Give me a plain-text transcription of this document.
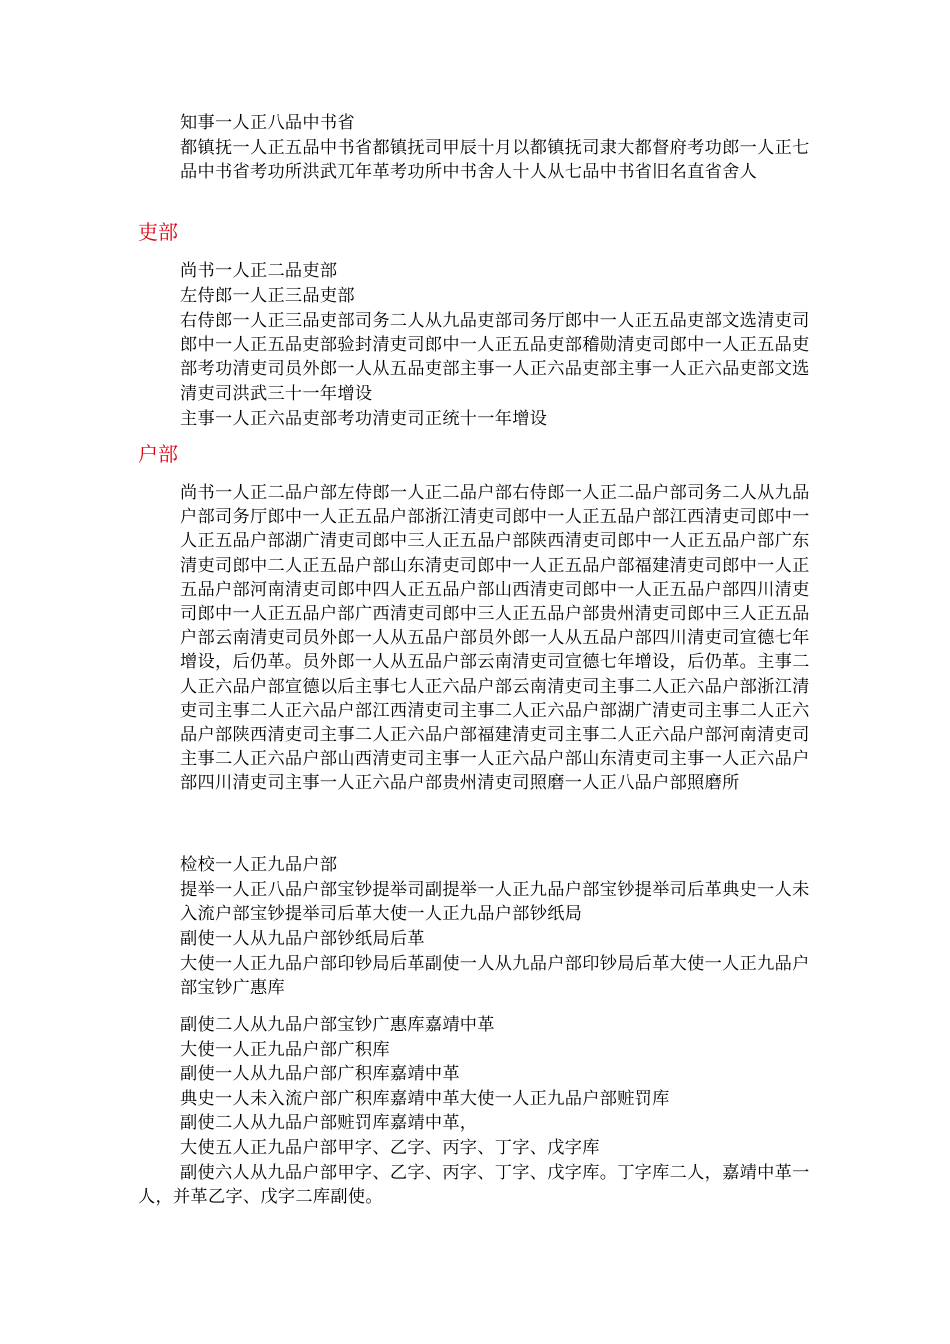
知事一人正八品中书省
都镇抚一人正五品中书省都镇抚司甲辰十月以都镇抚司隶大都督府考功郎一人正七品中书省考功所洪武兀年革考功所中书舍人十人从七品中书省旧名直省舍人
吏部
尚书一人正二品吏部
左侍郎一人正三品吏部
右侍郎一人正三品吏部司务二人从九品吏部司务厅郎中一人正五品吏部文选清吏司郎中一人正五品吏部验封清吏司郎中一人正五品吏部稽勋清吏司郎中一人正五品吏部考功清吏司员外郎一人从五品吏部主事一人正六品吏部主事一人正六品吏部文选清吏司洪武三十一年增设
主事一人正六品吏部考功清吏司正统十一年增设
户部
尚书一人正二品户部左侍郎一人正二品户部右侍郎一人正二品户部司务二人从九品户部司务厅郎中一人正五品户部浙江清吏司郎中一人正五品户部江西清吏司郎中一人正五品户部湖广清吏司郎中三人正五品户部陕西清吏司郎中一人正五品户部广东清吏司郎中二人正五品户部山东清吏司郎中一人正五品户部福建清吏司郎中一人正五品户部河南清吏司郎中四人正五品户部山西清吏司郎中一人正五品户部四川清吏司郎中一人正五品户部广西清吏司郎中三人正五品户部贵州清吏司郎中三人正五品户部云南清吏司员外郎一人从五品户部员外郎一人从五品户部四川清吏司宣德七年增设，后仍革。员外郎一人从五品户部云南清吏司宣德七年增设，后仍革。主事二人正六品户部宣德以后主事七人正六品户部云南清吏司主事二人正六品户部浙江清吏司主事二人正六品户部江西清吏司主事二人正六品户部湖广清吏司主事二人正六品户部陕西清吏司主事二人正六品户部福建清吏司主事二人正六品户部河南清吏司主事二人正六品户部山西清吏司主事一人正六品户部山东清吏司主事一人正六品户部四川清吏司主事一人正六品户部贵州清吏司照磨一人正八品户部照磨所
检校一人正九品户部
提举一人正八品户部宝钞提举司副提举一人正九品户部宝钞提举司后革典史一人未入流户部宝钞提举司后革大使一人正九品户部钞纸局
副使一人从九品户部钞纸局后革
大使一人正九品户部印钞局后革副使一人从九品户部印钞局后革大使一人正九品户部宝钞广惠库
副使二人从九品户部宝钞广惠库嘉靖中革
大使一人正九品户部广积库
副使一人从九品户部广积库嘉靖中革
典史一人未入流户部广积库嘉靖中革大使一人正九品户部赃罚库
副使二人从九品户部赃罚库嘉靖中革，
大使五人正九品户部甲字、乙字、丙字、丁字、戊字库
副使六人从九品户部甲字、乙字、丙字、丁字、戊字库。丁字库二人，嘉靖中革一人，并革乙字、戊字二库副使。
